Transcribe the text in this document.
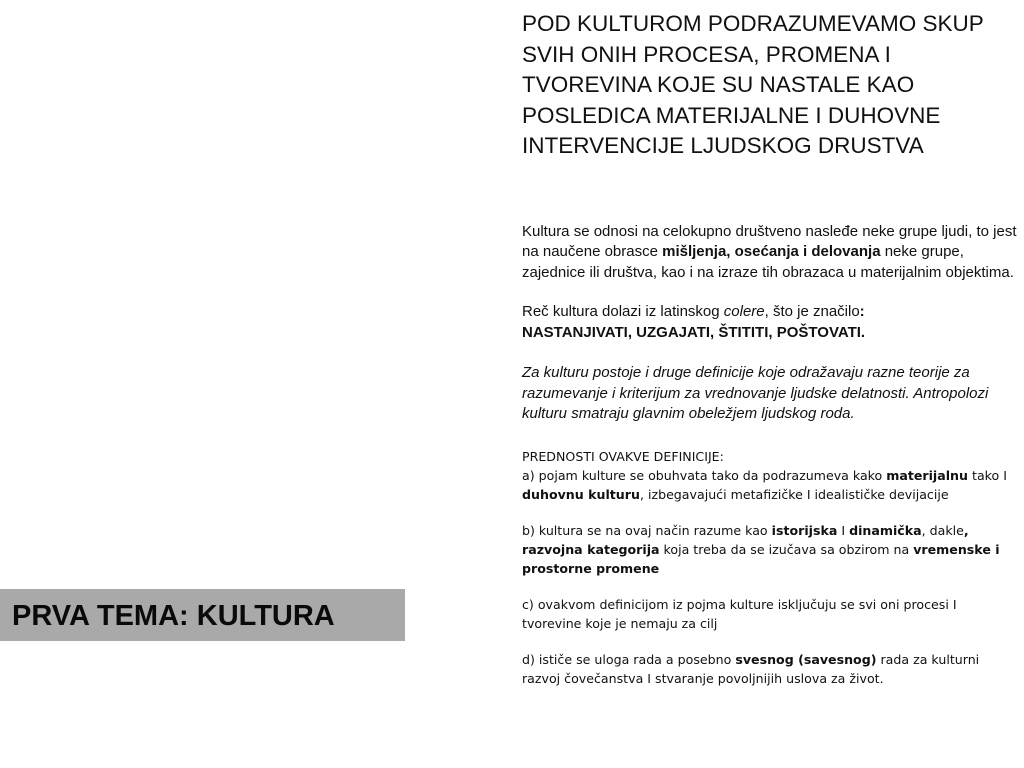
PRVA TEMA: KULTURA

POD KULTUROM PODRAZUMEVAMO SKUP SVIH ONIH PROCESA, PROMENA I TVOREVINA KOJE SU NASTALE KAO POSLEDICA MATERIJALNE I DUHOVNE INTERVENCIJE LJUDSKOG DRUSTVA

Kultura se odnosi na celokupno društveno nasleđe neke grupe ljudi, to jest na naučene obrasce mišljenja, osećanja i delovanja neke grupe, zajednice ili društva, kao i na izraze tih obrazaca u materijalnim objektima.

Reč kultura dolazi iz latinskog colere, što je značilo:
NASTANJIVATI, UZGAJATI, ŠTITITI, POŠTOVATI.

Za kulturu postoje i druge definicije koje odražavaju razne teorije za razumevanje i kriterijum za vrednovanje ljudske delatnosti. Antropolozi kulturu smatraju glavnim obeležjem ljudskog roda.

PREDNOSTI OVAKVE DEFINICIJE:

a) pojam kulture se obuhvata tako da podrazumeva kako materijalnu tako I duhovnu kulturu, izbegavajući metafizičke I idealističke devijacije

b) kultura se na ovaj način razume kao istorijska I dinamička, dakle, razvojna kategorija koja treba da se izučava sa obzirom na vremenske i prostorne promene

c) ovakvom definicijom iz pojma kulture isključuju se svi oni procesi I tvorevine koje je nemaju za cilj

d) ističe se uloga rada a posebno svesnog (savesnog) rada za kulturni razvoj čovečanstva I stvaranje povoljnijih uslova za život.
